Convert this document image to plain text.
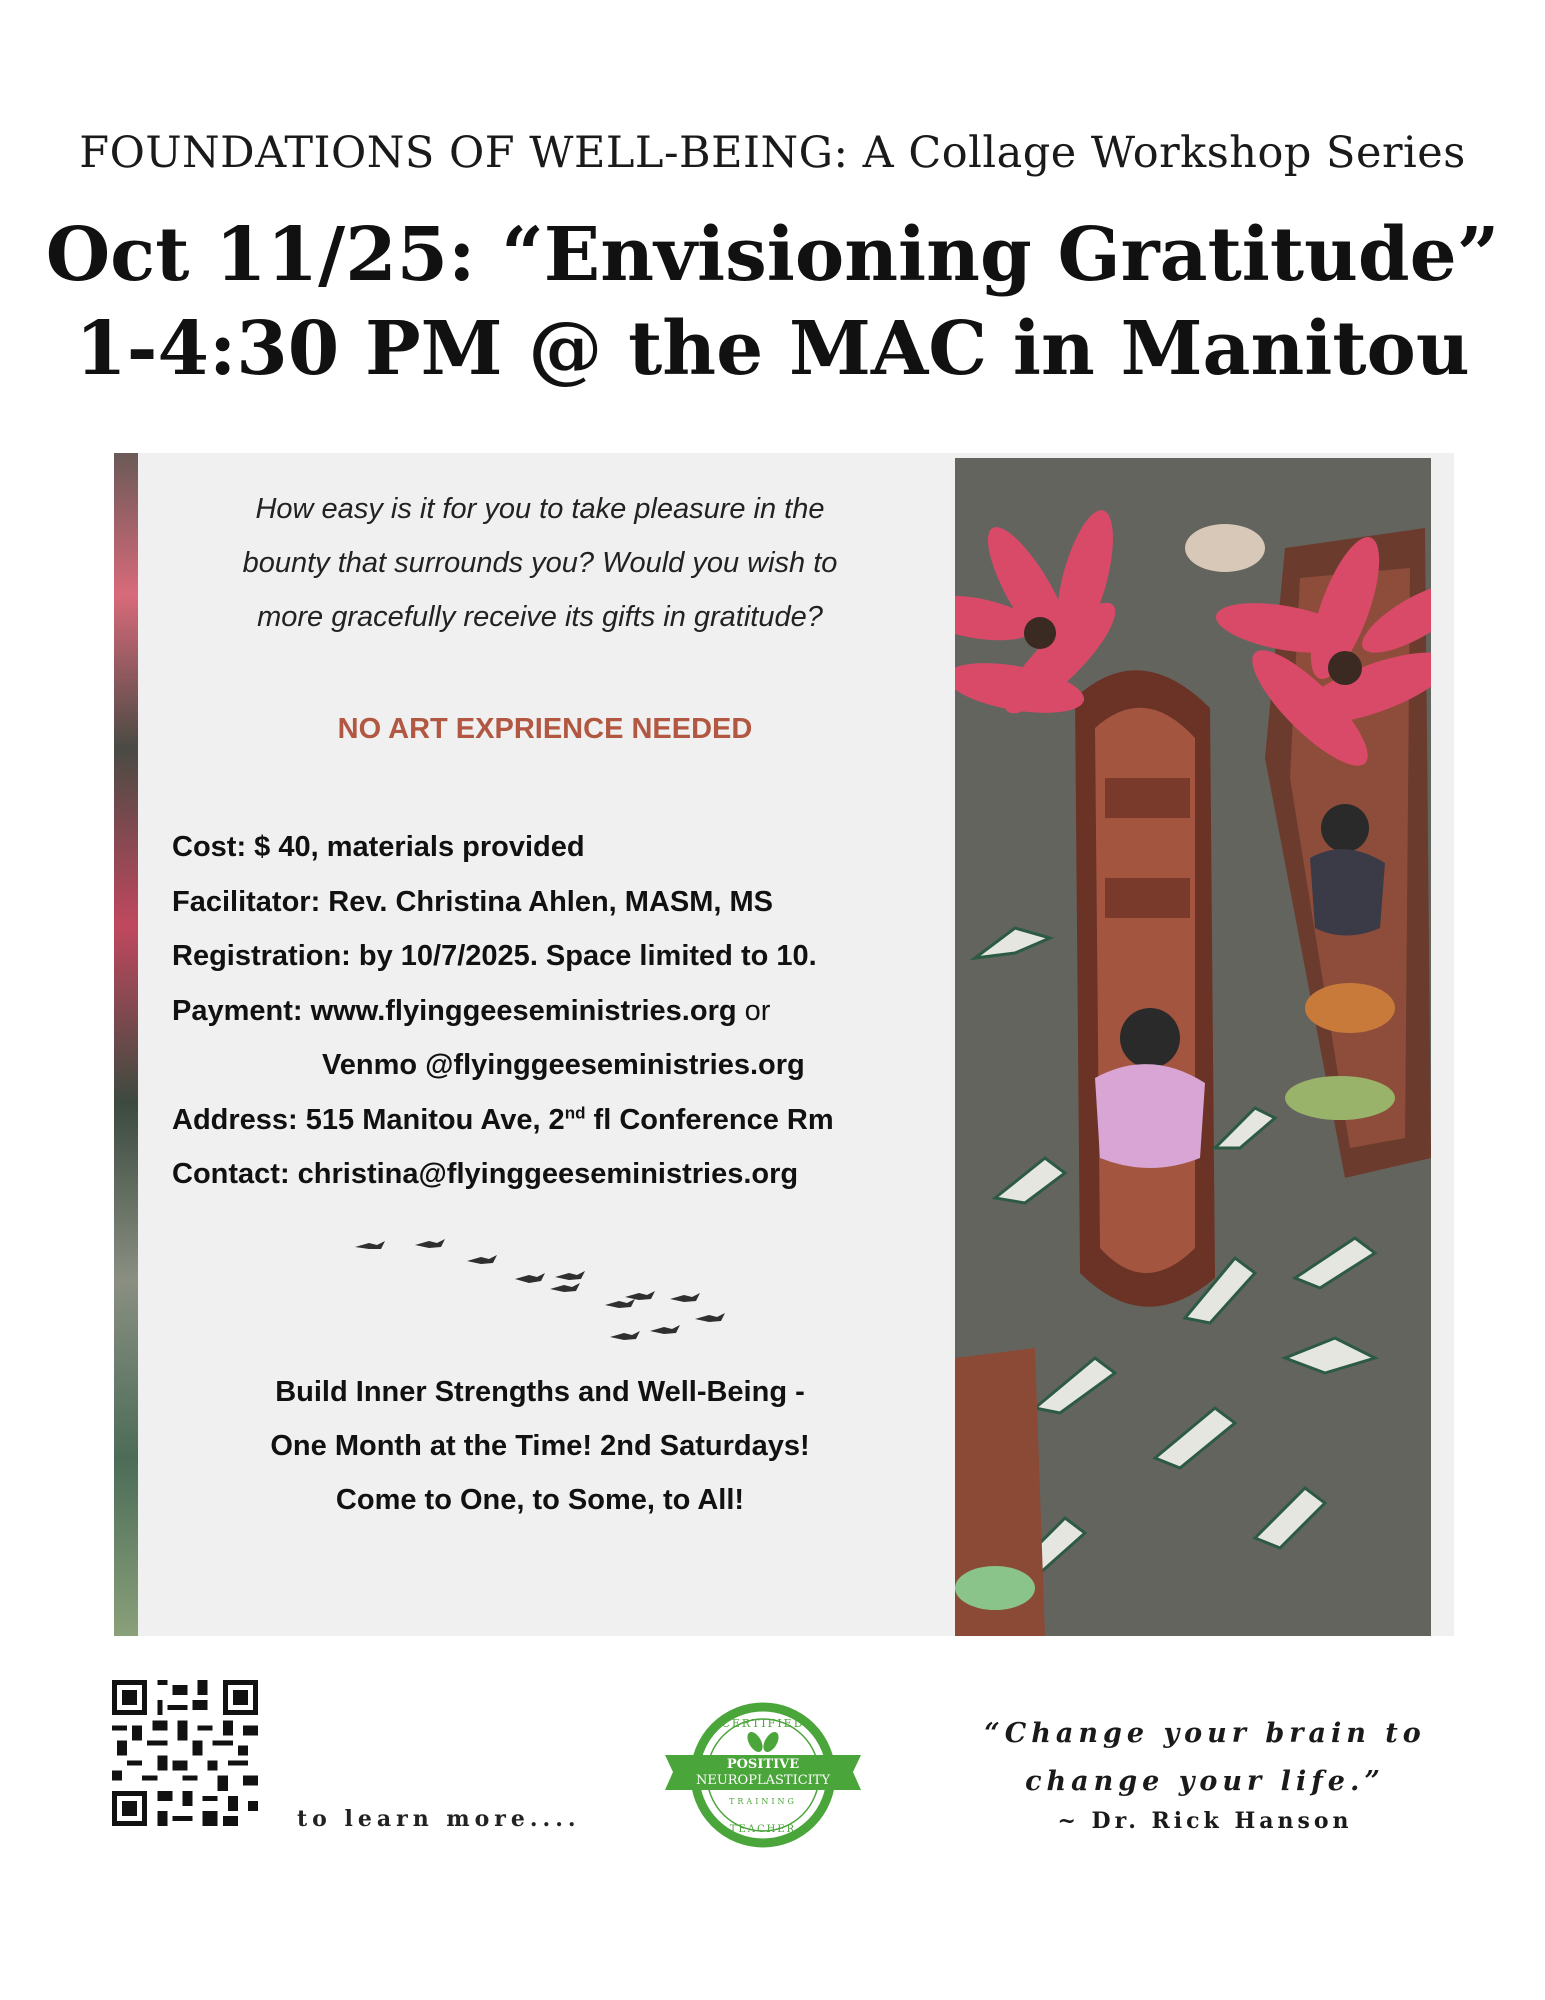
FOUNDATIONS OF WELL-BEING: A Collage Workshop Series
Oct 11/25: “Envisioning Gratitude”
1-4:30 PM @ the MAC in Manitou
How easy is it for you to take pleasure in the
bounty that surrounds you? Would you wish to
more gracefully receive its gifts in gratitude?
NO ART EXPRIENCE NEEDED
Cost: $ 40, materials provided
Facilitator: Rev. Christina Ahlen, MASM, MS
Registration: by 10/7/2025. Space limited to 10.
Payment: www.flyinggeeseministries.org or
Venmo @flyinggeeseministries.org
Address: 515 Manitou Ave, 2nd fl Conference Rm
Contact: christina@flyinggeeseministries.org
Build Inner Strengths and Well-Being -
One Month at the Time! 2nd Saturdays!
Come to One, to Some, to All!
to learn more....
CERTIFIED
POSITIVE
NEUROPLASTICITY
TRAINING
TEACHER
“Change your brain to
change your life.”
~ Dr. Rick Hanson
